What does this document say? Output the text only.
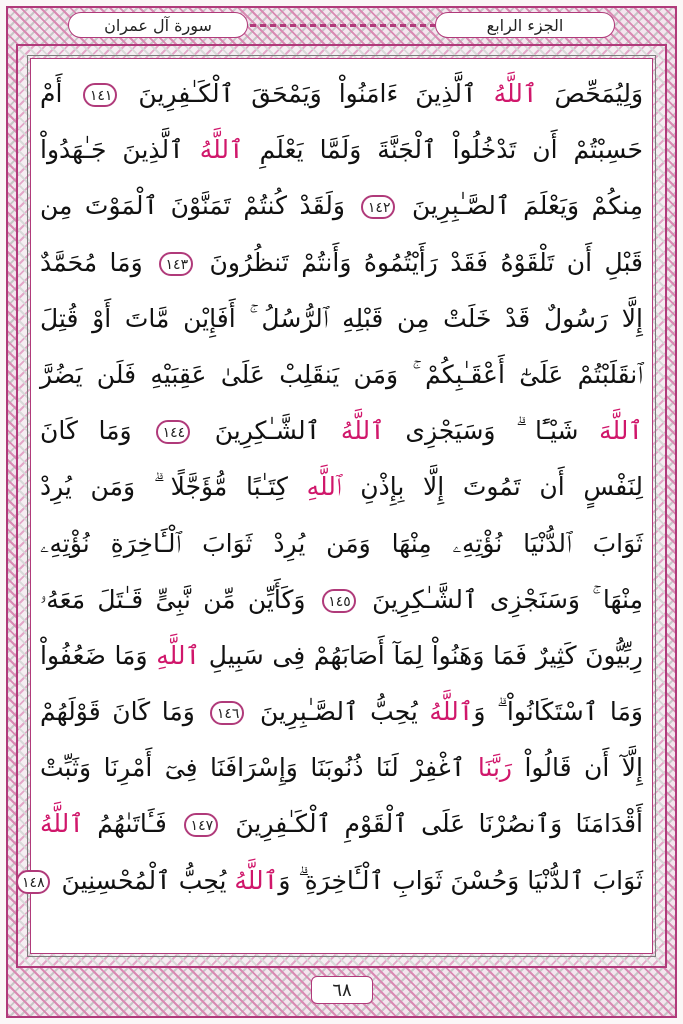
سورة آل عمران	الجزء الرابع
وَلِيُمَحِّصَ ٱللَّهُ ٱلَّذِينَ ءَامَنُواْ وَيَمْحَقَ ٱلْكَـٰفِرِينَ ١٤١ أَمْ
حَسِبْتُمْ أَن تَدْخُلُواْ ٱلْجَنَّةَ وَلَمَّا يَعْلَمِ ٱللَّهُ ٱلَّذِينَ جَـٰهَدُواْ
مِنكُمْ وَيَعْلَمَ ٱلصَّـٰبِرِينَ ١٤٢ وَلَقَدْ كُنتُمْ تَمَنَّوْنَ ٱلْمَوْتَ مِن
قَبْلِ أَن تَلْقَوْهُ فَقَدْ رَأَيْتُمُوهُ وَأَنتُمْ تَنظُرُونَ ١٤٣ وَمَا مُحَمَّدٌ
إِلَّا رَسُولٌ قَدْ خَلَتْ مِن قَبْلِهِ ٱلرُّسُلُ ۚ أَفَإِيْن مَّاتَ أَوْ قُتِلَ
ٱنقَلَبْتُمْ عَلَىٰٓ أَعْقَـٰبِكُمْ ۚ وَمَن يَنقَلِبْ عَلَىٰ عَقِبَيْهِ فَلَن يَضُرَّ
ٱللَّهَ شَيْـًٔا ۗ وَسَيَجْزِى ٱللَّهُ ٱلشَّـٰكِرِينَ ١٤٤ وَمَا كَانَ
لِنَفْسٍ أَن تَمُوتَ إِلَّا بِإِذْنِ ٱللَّهِ كِتَـٰبًا مُّؤَجَّلًا ۗ وَمَن يُرِدْ
ثَوَابَ ٱلدُّنْيَا نُؤْتِهِۦ مِنْهَا وَمَن يُرِدْ ثَوَابَ ٱلْـَٔاخِرَةِ نُؤْتِهِۦ
مِنْهَا ۚ وَسَنَجْزِى ٱلشَّـٰكِرِينَ ١٤٥ وَكَأَيِّن مِّن نَّبِىٍّ قَـٰتَلَ مَعَهُۥ
رِبِّيُّونَ كَثِيرٌ فَمَا وَهَنُواْ لِمَآ أَصَابَهُمْ فِى سَبِيلِ ٱللَّهِ وَمَا ضَعُفُواْ
وَمَا ٱسْتَكَانُواْ ۗ وَٱللَّهُ يُحِبُّ ٱلصَّـٰبِرِينَ ١٤٦ وَمَا كَانَ قَوْلَهُمْ
إِلَّآ أَن قَالُواْ رَبَّنَا ٱغْفِرْ لَنَا ذُنُوبَنَا وَإِسْرَافَنَا فِىٓ أَمْرِنَا وَثَبِّتْ
أَقْدَامَنَا وَٱنصُرْنَا عَلَى ٱلْقَوْمِ ٱلْكَـٰفِرِينَ ١٤٧ فَـَٔاتَىٰهُمُ ٱللَّهُ
ثَوَابَ ٱلدُّنْيَا وَحُسْنَ ثَوَابِ ٱلْـَٔاخِرَةِ ۗ وَٱللَّهُ يُحِبُّ ٱلْمُحْسِنِينَ ١٤٨
٦٨
